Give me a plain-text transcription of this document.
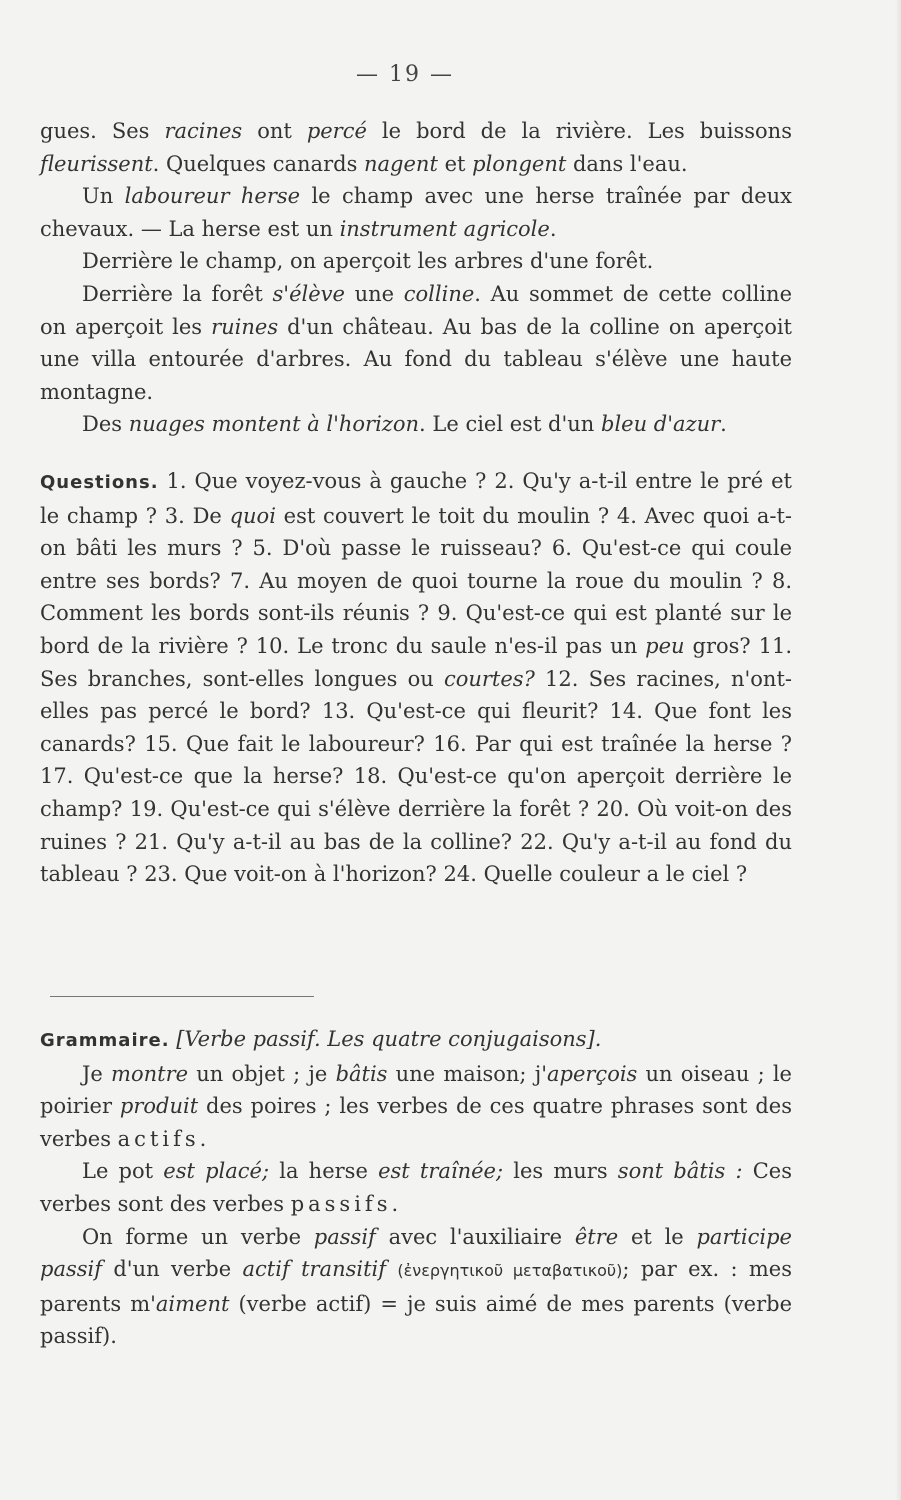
— 19 —

gues. Ses racines ont percé le bord de la rivière. Les buissons fleurissent. Quelques canards nagent et plongent dans l'eau.

Un laboureur herse le champ avec une herse traînée par deux chevaux. — La herse est un instrument agricole.

Derrière le champ, on aperçoit les arbres d'une forêt.

Derrière la forêt s'élève une colline. Au sommet de cette colline on aperçoit les ruines d'un château. Au bas de la colline on aperçoit une villa entourée d'arbres. Au fond du tableau s'élève une haute montagne.

Des nuages montent à l'horizon. Le ciel est d'un bleu d'azur.

Questions. 1. Que voyez-vous à gauche ? 2. Qu'y a-t-il entre le pré et le champ ? 3. De quoi est couvert le toit du moulin ? 4. Avec quoi a-t-on bâti les murs ? 5. D'où passe le ruisseau? 6. Qu'est-ce qui coule entre ses bords? 7. Au moyen de quoi tourne la roue du moulin ? 8. Comment les bords sont-ils réunis ? 9. Qu'est-ce qui est planté sur le bord de la rivière ? 10. Le tronc du saule n'es-il pas un peu gros? 11. Ses branches, sont-elles longues ou courtes? 12. Ses racines, n'ont-elles pas percé le bord? 13. Qu'est-ce qui fleurit? 14. Que font les canards? 15. Que fait le laboureur? 16. Par qui est traînée la herse ? 17. Qu'est-ce que la herse? 18. Qu'est-ce qu'on aperçoit derrière le champ? 19. Qu'est-ce qui s'élève derrière la forêt ? 20. Où voit-on des ruines ? 21. Qu'y a-t-il au bas de la colline? 22. Qu'y a-t-il au fond du tableau ? 23. Que voit-on à l'horizon? 24. Quelle couleur a le ciel ?

Grammaire. [Verbe passif. Les quatre conjugaisons].

Je montre un objet ; je bâtis une maison; j'aperçois un oiseau ; le poirier produit des poires ; les verbes de ces quatre phrases sont des verbes actifs.

Le pot est placé; la herse est traînée; les murs sont bâtis : Ces verbes sont des verbes passifs.

On forme un verbe passif avec l'auxiliaire être et le participe passif d'un verbe actif transitif (ἐνεργητικοῦ μεταβατικοῦ); par ex. : mes parents m'aiment (verbe actif) = je suis aimé de mes parents (verbe passif).
